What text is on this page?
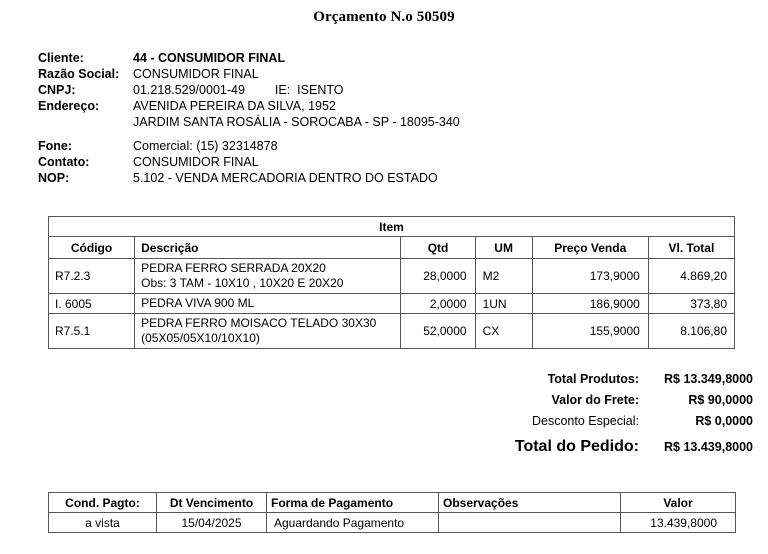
Orçamento N.o 50509
Cliente:	44 - CONSUMIDOR FINAL
Razão Social:	CONSUMIDOR FINAL
CNPJ:	01.218.529/0001-49 IE: ISENTO
Endereço:	AVENIDA PEREIRA DA SILVA, 1952
JARDIM SANTA ROSÁLIA - SOROCABA - SP - 18095-340
Fone:	Comercial: (15) 32314878
Contato:	CONSUMIDOR FINAL
NOP:	5.102 - VENDA MERCADORIA DENTRO DO ESTADO
Item					
Código	Descrição	Qtd	UM	Preço Venda	Vl. Total
R7.2.3	PEDRA FERRO SERRADA 20X20
Obs: 3 TAM - 10X10 , 10X20 E 20X20	28,0000	M2	173,9000	4.869,20
I. 6005	PEDRA VIVA 900 ML	2,0000	1UN	186,9000	373,80
R7.5.1	PEDRA FERRO MOISACO TELADO 30X30
(05X05/05X10/10X10)	52,0000	CX	155,9000	8.106,80
Total Produtos:	R$ 13.349,8000
Valor do Frete:	R$ 90,0000
Desconto Especial:	R$ 0,0000
Total do Pedido:	R$ 13.439,8000
Cond. Pagto:	Dt Vencimento	Forma de Pagamento	Observações	Valor
a vista	15/04/2025	Aguardando Pagamento		13.439,8000
